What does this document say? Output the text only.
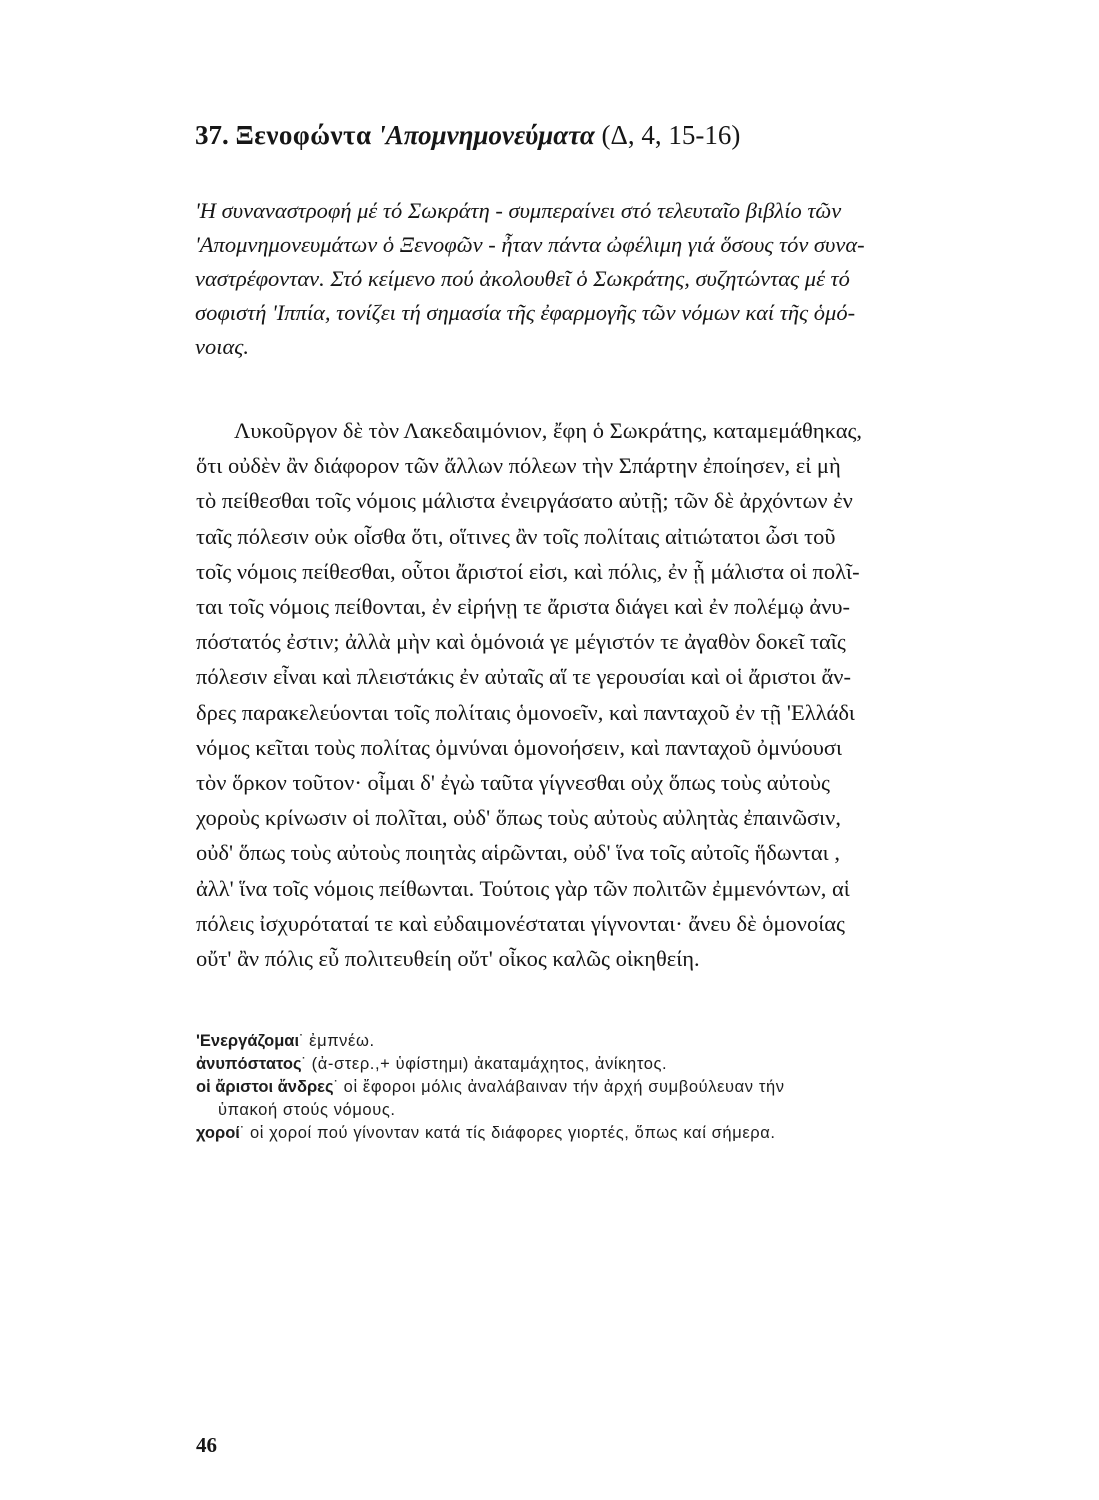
37. Ξενοφώντα 'Απομνημονεύματα (Δ, 4, 15-16)
'Η συναναστροφή μέ τό Σωκράτη - συμπεραίνει στό τελευταῖο βιβλίο τῶν
'Απομνημονευμάτων ὁ Ξενοφῶν - ἦταν πάντα ὠφέλιμη γιά ὅσους τόν συνα-
ναστρέφονταν. Στό κείμενο πού ἀκολουθεῖ ὁ Σωκράτης, συζητώντας μέ τό
σοφιστή 'Ιππία, τονίζει τή σημασία τῆς ἐφαρμογῆς τῶν νόμων καί τῆς ὁμό-
νοιας.
Λυκοῦργον δὲ τὸν Λακεδαιμόνιον, ἔφη ὁ Σωκράτης, καταμεμάθηκας,
ὅτι οὐδὲν ἂν διάφορον τῶν ἄλλων πόλεων τὴν Σπάρτην ἐποίησεν, εἰ μὴ
τὸ πείθεσθαι τοῖς νόμοις μάλιστα ἐνειργάσατο αὐτῇ; τῶν δὲ ἀρχόντων ἐν
ταῖς πόλεσιν οὐκ οἶσθα ὅτι, οἵτινες ἂν τοῖς πολίταις αἰτιώτατοι ὦσι τοῦ
τοῖς νόμοις πείθεσθαι, οὗτοι ἄριστοί εἰσι, καὶ πόλις, ἐν ᾗ μάλιστα οἱ πολῖ-
ται τοῖς νόμοις πείθονται, ἐν εἰρήνῃ τε ἄριστα διάγει καὶ ἐν πολέμῳ ἀνυ-
πόστατός ἐστιν; ἀλλὰ μὴν καὶ ὁμόνοιά γε μέγιστόν τε ἀγαθὸν δοκεῖ ταῖς
πόλεσιν εἶναι καὶ πλειστάκις ἐν αὐταῖς αἵ τε γερουσίαι καὶ οἱ ἄριστοι ἄν-
δρες παρακελεύονται τοῖς πολίταις ὁμονοεῖν, καὶ πανταχοῦ ἐν τῇ 'Ελλάδι
νόμος κεῖται τοὺς πολίτας ὀμνύναι ὁμονοήσειν, καὶ πανταχοῦ ὀμνύουσι
τὸν ὅρκον τοῦτον· οἶμαι δ' ἐγὼ ταῦτα γίγνεσθαι οὐχ ὅπως τοὺς αὐτοὺς
χοροὺς κρίνωσιν οἱ πολῖται, οὐδ' ὅπως τοὺς αὐτοὺς αὐλητὰς ἐπαινῶσιν,
οὐδ' ὅπως τοὺς αὐτοὺς ποιητὰς αἱρῶνται, οὐδ' ἵνα τοῖς αὐτοῖς ἥδωνται ,
ἀλλ' ἵνα τοῖς νόμοις πείθωνται. Τούτοις γὰρ τῶν πολιτῶν ἐμμενόντων, αἱ
πόλεις ἰσχυρόταταί τε καὶ εὐδαιμονέσταται γίγνονται· ἄνευ δὲ ὁμονοίας
οὔτ' ἂν πόλις εὖ πολιτευθείη οὔτ' οἶκος καλῶς οἰκηθείη.
'Ενεργάζομαι˙ ἐμπνέω.
ἀνυπόστατος˙ (ἀ-στερ.,+ ὑφίστημι) ἀκαταμάχητος, ἀνίκητος.
οἱ ἄριστοι ἄνδρες˙ οἱ ἔφοροι μόλις ἀναλάβαιναν τήν ἀρχή συμβούλευαν τήν
ὑπακοή στούς νόμους.
χοροί˙ οἱ χοροί πού γίνονταν κατά τίς διάφορες γιορτές, ὅπως καί σήμερα.
46
